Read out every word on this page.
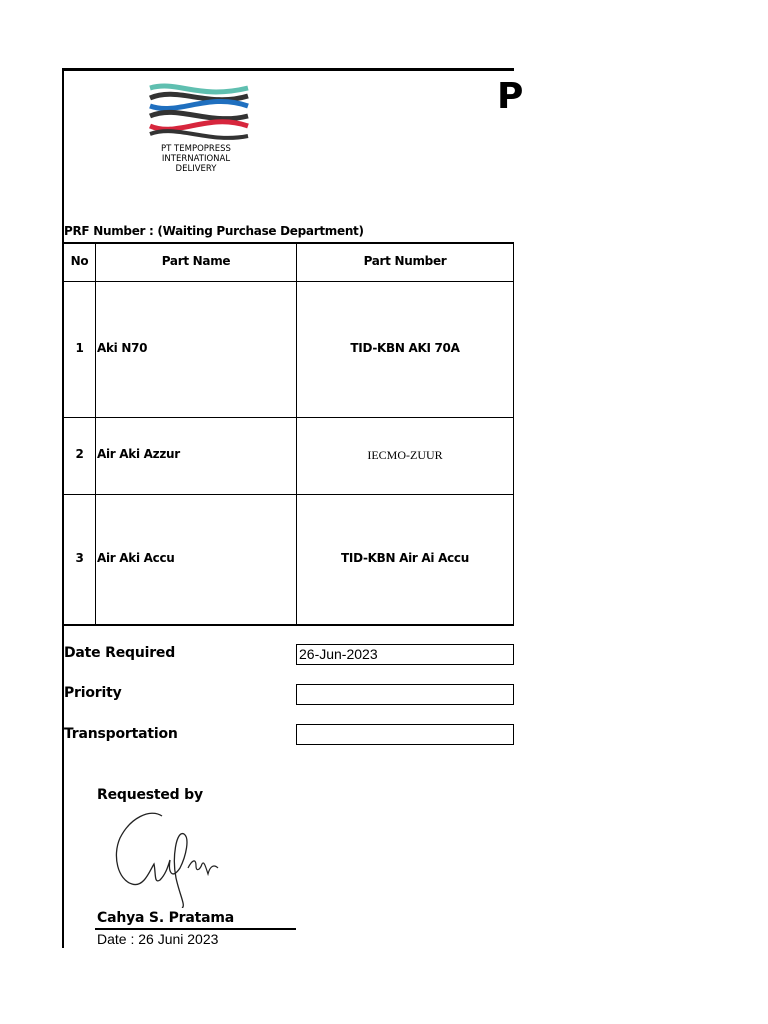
PT TEMPOPRESS
INTERNATIONAL
DELIVERY
P
PRF Number : (Waiting Purchase Department)
No	Part Name	Part Number
1	Aki N70	TID-KBN AKI 70A
2	Air Aki Azzur	IECMO-ZUUR
3	Air Aki Accu	TID-KBN Air Ai Accu
Date Required	26-Jun-2023
Priority
Transportation
Requested by
Cahya S. Pratama
Date : 26 Juni 2023
